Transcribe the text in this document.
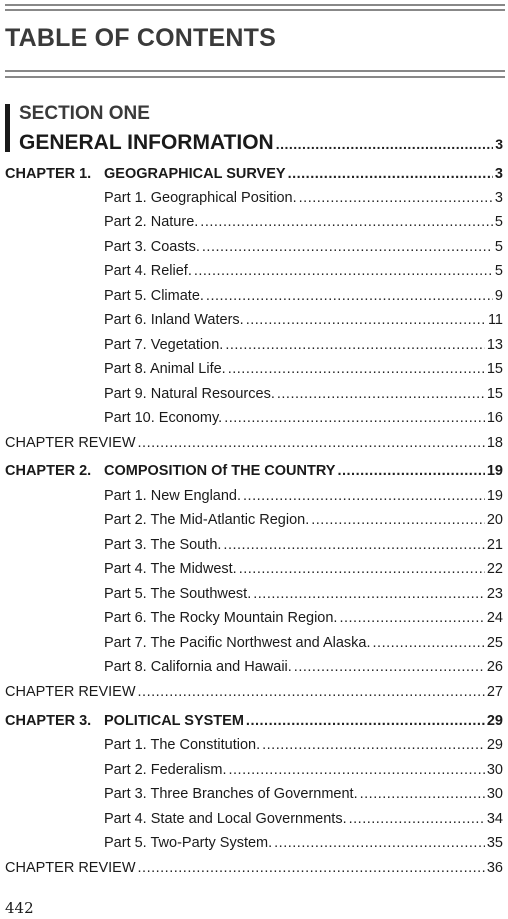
TABLE OF CONTENTS
SECTION ONE
GENERAL INFORMATION .....	3
CHAPTER 1. GEOGRAPHICAL SURVEY .....	3
Part 1. Geographical Position. .....	3
Part 2. Nature. .....	5
Part 3. Coasts. .....	5
Part 4. Relief. .....	5
Part 5. Climate. .....	9
Part 6. Inland Waters. .....	11
Part 7. Vegetation. .....	13
Part 8. Animal Life. .....	15
Part 9. Natural Resources. .....	15
Part 10. Economy. .....	16
CHAPTER REVIEW .....	18
CHAPTER 2. COMPOSITION Of THE COUNTRY .....	19
Part 1. New England. .....	19
Part 2. The Mid-Atlantic Region. .....	20
Part 3. The South. .....	21
Part 4. The Midwest. .....	22
Part 5. The Southwest. .....	23
Part 6. The Rocky Mountain Region. .....	24
Part 7. The Pacific Northwest and Alaska. .....	25
Part 8. California and Hawaii. .....	26
CHAPTER REVIEW .....	27
CHAPTER 3. POLITICAL SYSTEM .....	29
Part 1. The Constitution. .....	29
Part 2. Federalism. .....	30
Part 3. Three Branches of Government. .....	30
Part 4. State and Local Governments. .....	34
Part 5. Two-Party System. .....	35
CHAPTER REVIEW .....	36
442
